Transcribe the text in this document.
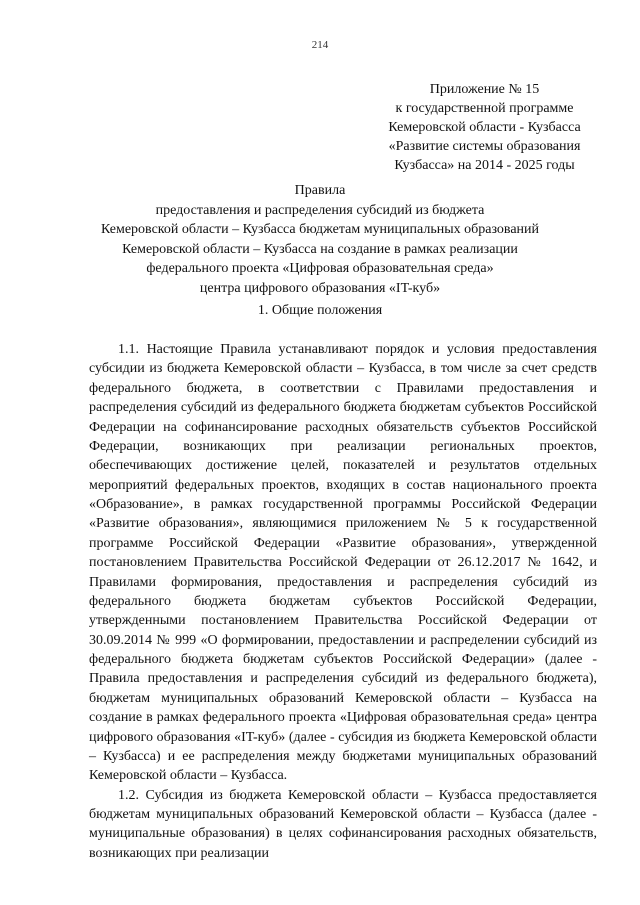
214
Приложение № 15
к государственной программе
Кемеровской области - Кузбасса
«Развитие системы образования
Кузбасса» на 2014 - 2025 годы
Правила
предоставления и распределения субсидий из бюджета
Кемеровской области – Кузбасса бюджетам муниципальных образований
Кемеровской области – Кузбасса на создание в рамках реализации
федерального проекта «Цифровая образовательная среда»
центра цифрового образования «IT-куб»
1. Общие положения

1.1. Настоящие Правила устанавливают порядок и условия предоставления субсидии из бюджета Кемеровской области – Кузбасса, в том числе за счет средств федерального бюджета, в соответствии с Правилами предоставления и распределения субсидий из федерального бюджета бюджетам субъектов Российской Федерации на софинансирование расходных обязательств субъектов Российской Федерации, возникающих при реализации региональных проектов, обеспечивающих достижение целей, показателей и результатов отдельных мероприятий федеральных проектов, входящих в состав национального проекта «Образование», в рамках государственной программы Российской Федерации «Развитие образования», являющимися приложением № 5 к государственной программе Российской Федерации «Развитие образования», утвержденной постановлением Правительства Российской Федерации от 26.12.2017 № 1642, и Правилами формирования, предоставления и распределения субсидий из федерального бюджета бюджетам субъектов Российской Федерации, утвержденными постановлением Правительства Российской Федерации от 30.09.2014 № 999 «О формировании, предоставлении и распределении субсидий из федерального бюджета бюджетам субъектов Российской Федерации» (далее - Правила предоставления и распределения субсидий из федерального бюджета), бюджетам муниципальных образований Кемеровской области – Кузбасса на создание в рамках федерального проекта «Цифровая образовательная среда» центра цифрового образования «IT-куб» (далее - субсидия из бюджета Кемеровской области – Кузбасса) и ее распределения между бюджетами муниципальных образований Кемеровской области – Кузбасса.

1.2. Субсидия из бюджета Кемеровской области – Кузбасса предоставляется бюджетам муниципальных образований Кемеровской области – Кузбасса (далее - муниципальные образования) в целях софинансирования расходных обязательств, возникающих при реализации
